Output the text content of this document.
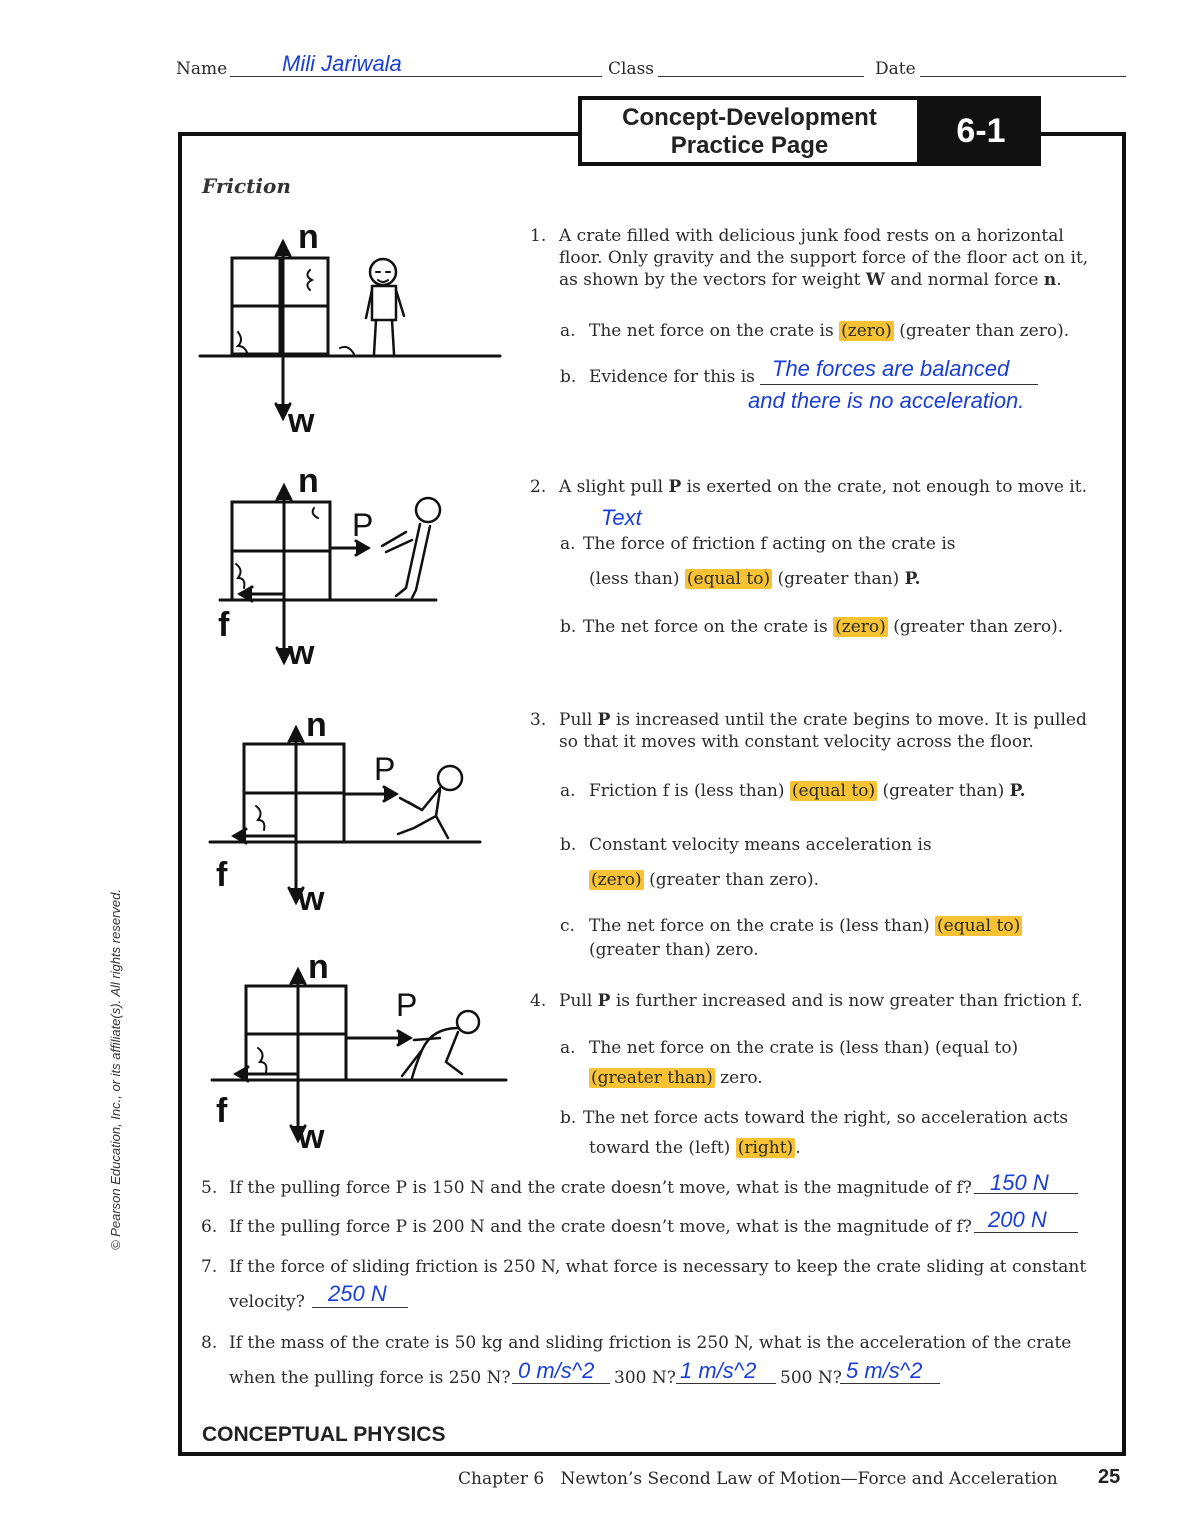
Name Mili Jariwala	Class	Date
Concept-Development
Practice Page	6-1
Friction
© Pearson Education, Inc., or its affiliate(s). All rights reserved.
n
w
n
P
f
w
n
P
f
w
n
P
f
w
1. A crate filled with delicious junk food rests on a horizontal
floor. Only gravity and the support force of the floor act on it,
as shown by the vectors for weight W and normal force n.
a. The net force on the crate is (zero) (greater than zero).
b. Evidence for this is The forces are balanced
and there is no acceleration.
2. A slight pull P is exerted on the crate, not enough to move it.
Text
a. The force of friction f acting on the crate is
(less than) (equal to) (greater than) P.
b. The net force on the crate is (zero) (greater than zero).
3. Pull P is increased until the crate begins to move. It is pulled
so that it moves with constant velocity across the floor.
a. Friction f is (less than) (equal to) (greater than) P.
b. Constant velocity means acceleration is
(zero) (greater than zero).
c. The net force on the crate is (less than) (equal to)
(greater than) zero.
4. Pull P is further increased and is now greater than friction f.
a. The net force on the crate is (less than) (equal to)
(greater than) zero.
b. The net force acts toward the right, so acceleration acts
toward the (left) (right) .
5. If the pulling force P is 150 N and the crate doesn’t move, what is the magnitude of f? 150 N
6. If the pulling force P is 200 N and the crate doesn’t move, what is the magnitude of f? 200 N
7. If the force of sliding friction is 250 N, what force is necessary to keep the crate sliding at constant
velocity? 250 N
8. If the mass of the crate is 50 kg and sliding friction is 250 N, what is the acceleration of the crate
when the pulling force is 250 N? 0 m/s^2 300 N? 1 m/s^2 500 N? 5 m/s^2
CONCEPTUAL PHYSICS
Chapter 6 Newton’s Second Law of Motion—Force and Acceleration 25
